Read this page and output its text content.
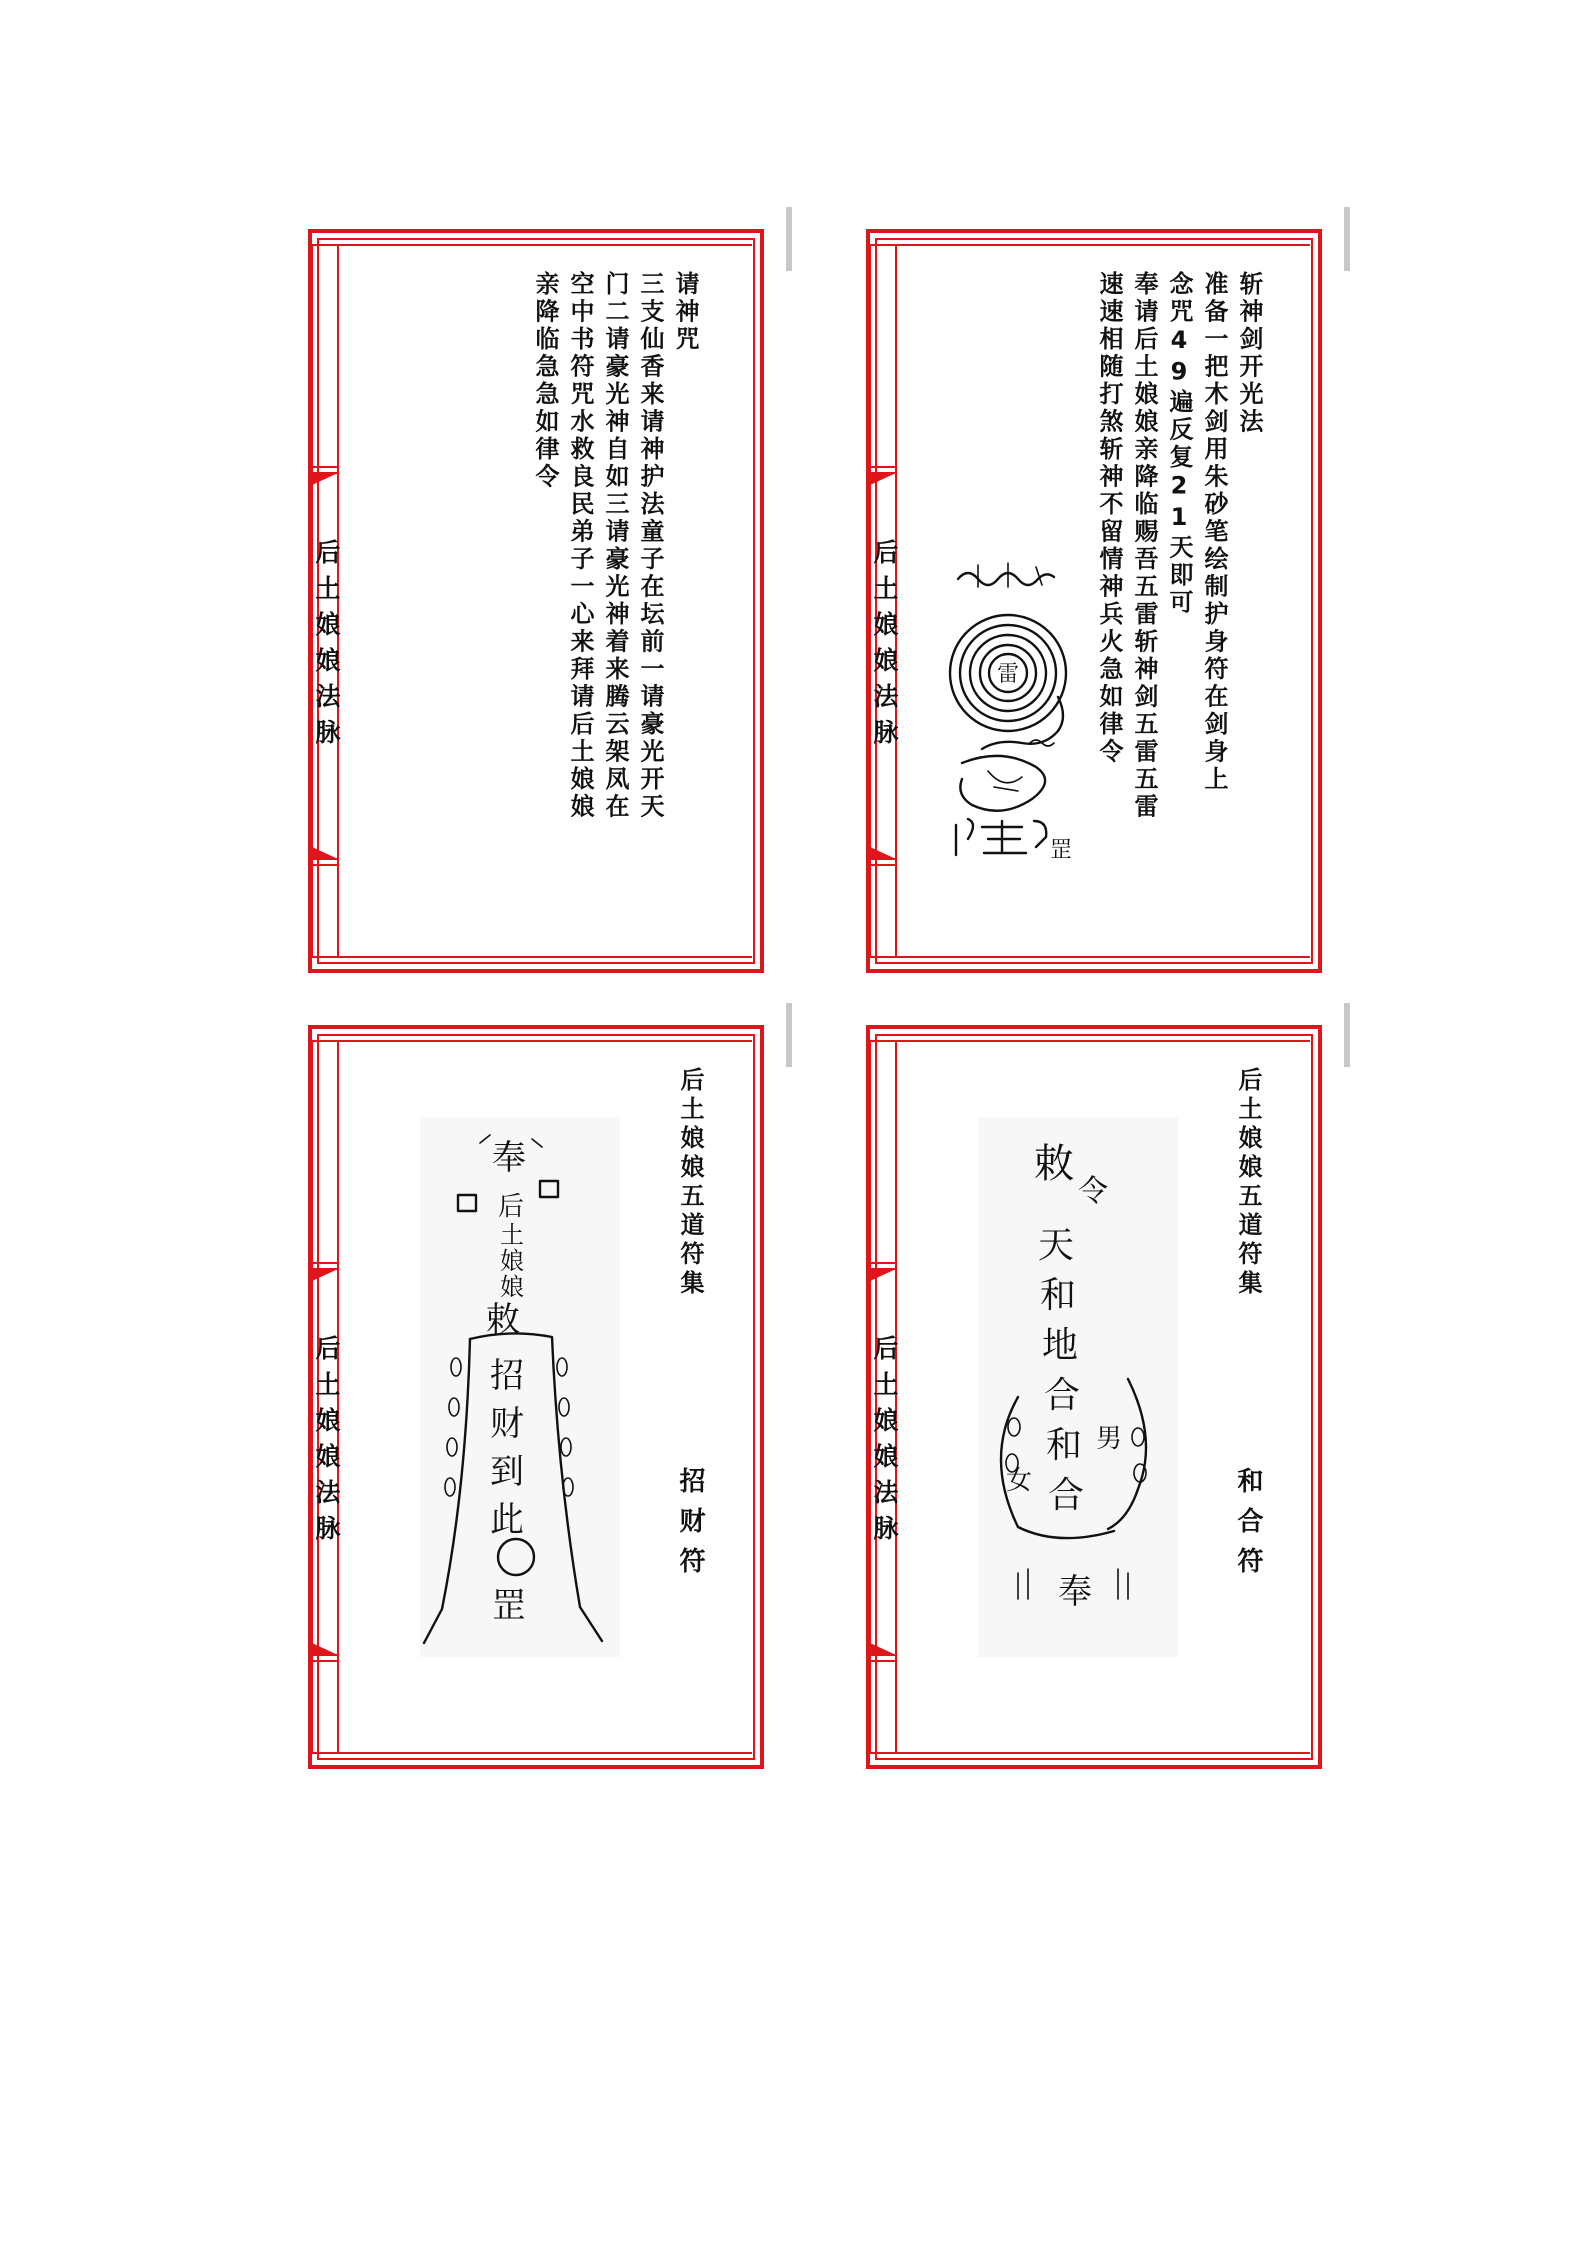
后土娘娘法脉
请神咒
三支仙香来请神护法童子在坛前一请豪光开天
门二请豪光神自如三请豪光神着来腾云架凤在
空中书符咒水救良民弟子一心来拜请后土娘娘
亲降临急急如律令
后土娘娘法脉
斩神剑开光法
准备一把木剑用朱砂笔绘制护身符在剑身上
念咒49遍反复21天即可
奉请后土娘娘亲降临赐吾五雷斩神剑五雷五雷
速速相随打煞斩神不留情神兵火急如律令
雷
罡
后土娘娘法脉
后土娘娘五道符集
招财符
奉
后
土
娘
娘
敕
招
财
到
此
罡
后土娘娘法脉
后土娘娘五道符集
和合符
敕
令
天
和
地
合
和
合
男
女
奉
